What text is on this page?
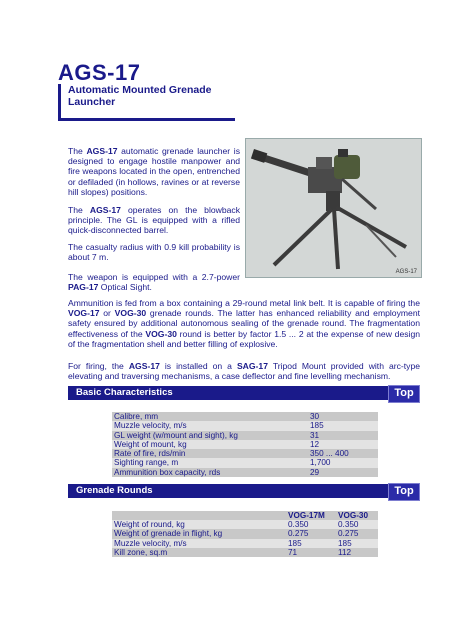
AGS-17
Automatic Mounted Grenade Launcher
AGS-17
The AGS-17 automatic grenade launcher is designed to engage hostile manpower and fire weapons located in the open, entrenched or defiladed (in hollows, ravines or at reverse hill slopes) positions.
The AGS-17 operates on the blowback principle. The GL is equipped with a rifled quick-disconnected barrel.
The casualty radius with 0.9 kill probability is about 7 m.
The weapon is equipped with a 2.7-power PAG-17 Optical Sight.
Ammunition is fed from a box containing a 29-round metal link belt. It is capable of firing the VOG-17 or VOG-30 grenade rounds. The latter has enhanced reliability and employment safety ensured by additional autonomous sealing of the grenade round. The fragmentation effectiveness of the VOG-30 round is better by factor 1.5 ... 2 at the expense of new design of the fragmentation shell and better filling of explosive.
For firing, the AGS-17 is installed on a SAG-17 Tripod Mount provided with arc-type elevating and traversing mechanisms, a case deflector and fine levelling mechanism.
Basic Characteristics	Top
Calibre, mm	30
Muzzle velocity, m/s	185
GL weight (w/mount and sight), kg	31
Weight of mount, kg	12
Rate of fire, rds/min	350 ... 400
Sighting range, m	1,700
Ammunition box capacity, rds	29
Grenade Rounds	Top
	VOG-17M	VOG-30
Weight of round, kg	0.350	0.350
Weight of grenade in flight, kg	0.275	0.275
Muzzle velocity, m/s	185	185
Kill zone, sq.m	71	112
